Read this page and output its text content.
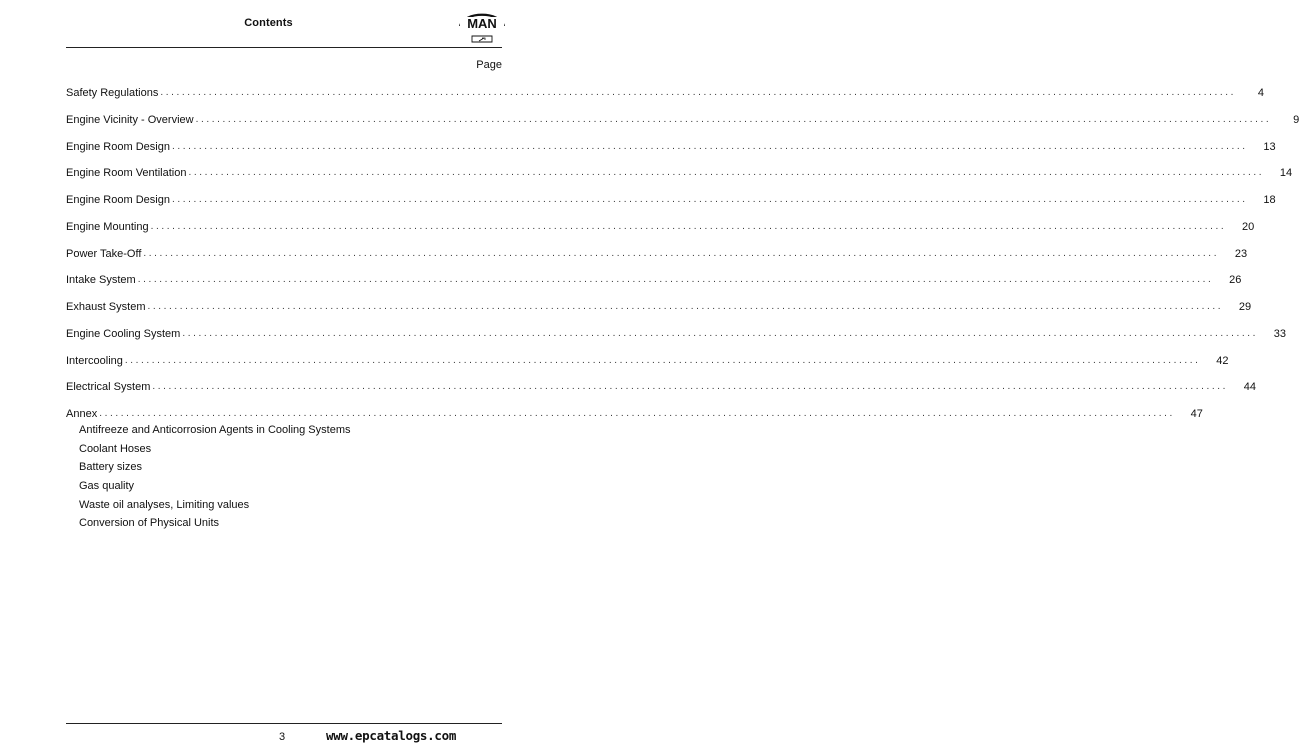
Contents	MAN
Page
Safety Regulations ........................................................................................................................................................................................................	4
Engine Vicinity - Overview ........................................................................................................................................................................................................	9
Engine Room Design ........................................................................................................................................................................................................	13
Engine Room Ventilation ........................................................................................................................................................................................................	14
Engine Room Design ........................................................................................................................................................................................................	18
Engine Mounting ........................................................................................................................................................................................................	20
Power Take-Off ........................................................................................................................................................................................................	23
Intake System ........................................................................................................................................................................................................	26
Exhaust System ........................................................................................................................................................................................................	29
Engine Cooling System ........................................................................................................................................................................................................	33
Intercooling ........................................................................................................................................................................................................	42
Electrical System ........................................................................................................................................................................................................	44
Annex ........................................................................................................................................................................................................	47
Antifreeze and Anticorrosion Agents in Cooling Systems
Coolant Hoses
Battery sizes
Gas quality
Waste oil analyses, Limiting values
Conversion of Physical Units
3	www.epcatalogs.com
